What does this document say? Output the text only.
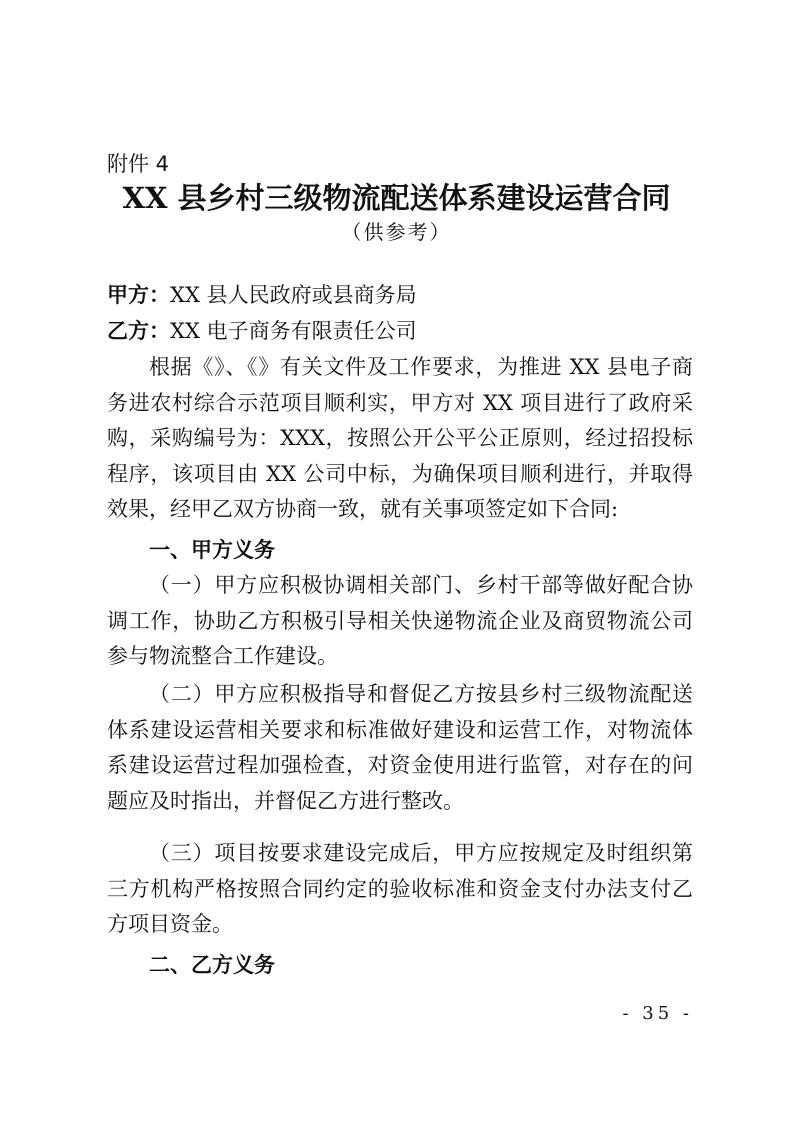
附件 4

XX 县乡村三级物流配送体系建设运营合同

（供参考）

甲方：XX 县人民政府或县商务局

乙方：XX 电子商务有限责任公司

根据《》、《》有关文件及工作要求，为推进 XX 县电子商务进农村综合示范项目顺利实，甲方对 XX 项目进行了政府采购，采购编号为：XXX，按照公开公平公正原则，经过招投标程序，该项目由 XX 公司中标，为确保项目顺利进行，并取得效果，经甲乙双方协商一致，就有关事项签定如下合同:

一、甲方义务

（一）甲方应积极协调相关部门、乡村干部等做好配合协调工作，协助乙方积极引导相关快递物流企业及商贸物流公司参与物流整合工作建设。

（二）甲方应积极指导和督促乙方按县乡村三级物流配送体系建设运营相关要求和标准做好建设和运营工作，对物流体系建设运营过程加强检查，对资金使用进行监管，对存在的问题应及时指出，并督促乙方进行整改。

（三）项目按要求建设完成后，甲方应按规定及时组织第三方机构严格按照合同约定的验收标准和资金支付办法支付乙方项目资金。

二、乙方义务

- 35 -
